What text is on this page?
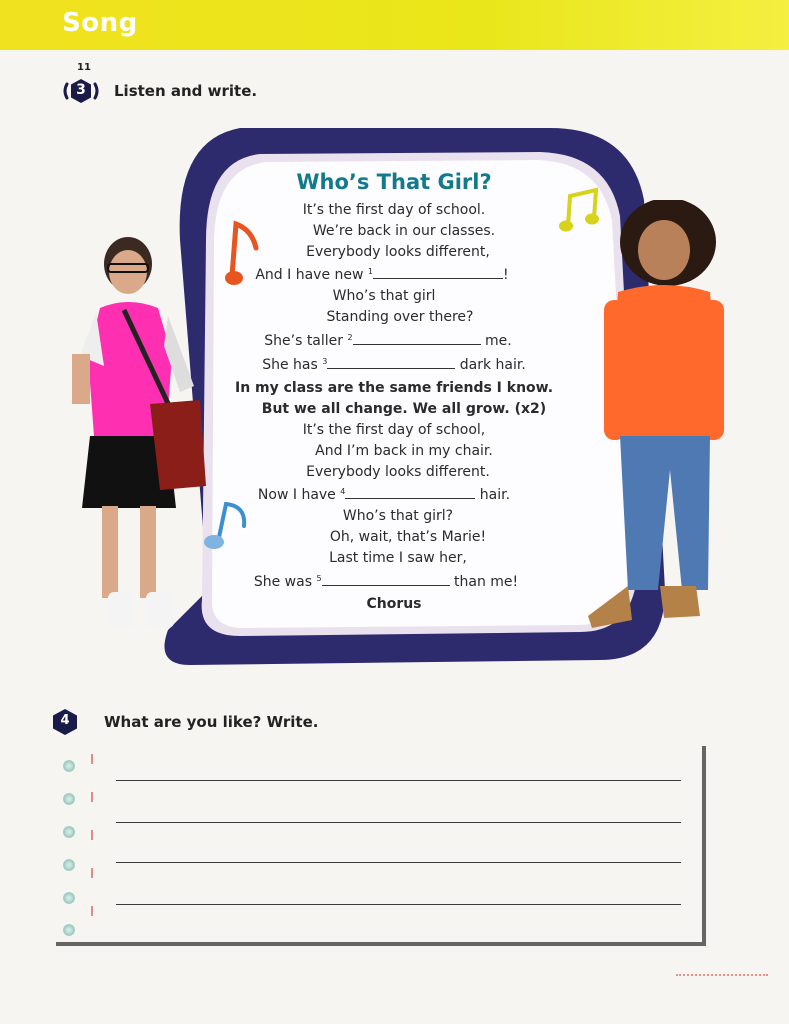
Song
11
3	Listen and write.
Who’s That Girl?
It’s the first day of school.
We’re back in our classes.
Everybody looks different,
And I have new $^1$	!
Who’s that girl
Standing over there?
She’s taller $^2$	me.
She has $^3$	dark hair.
In my class are the same friends I know.
But we all change. We all grow. (x2)
It’s the first day of school,
And I’m back in my chair.
Everybody looks different.
Now I have $^4$	hair.
Who’s that girl?
Oh, wait, that’s Marie!
Last time I saw her,
She was $^5$	than me!
Chorus
4	What are you like? Write.
